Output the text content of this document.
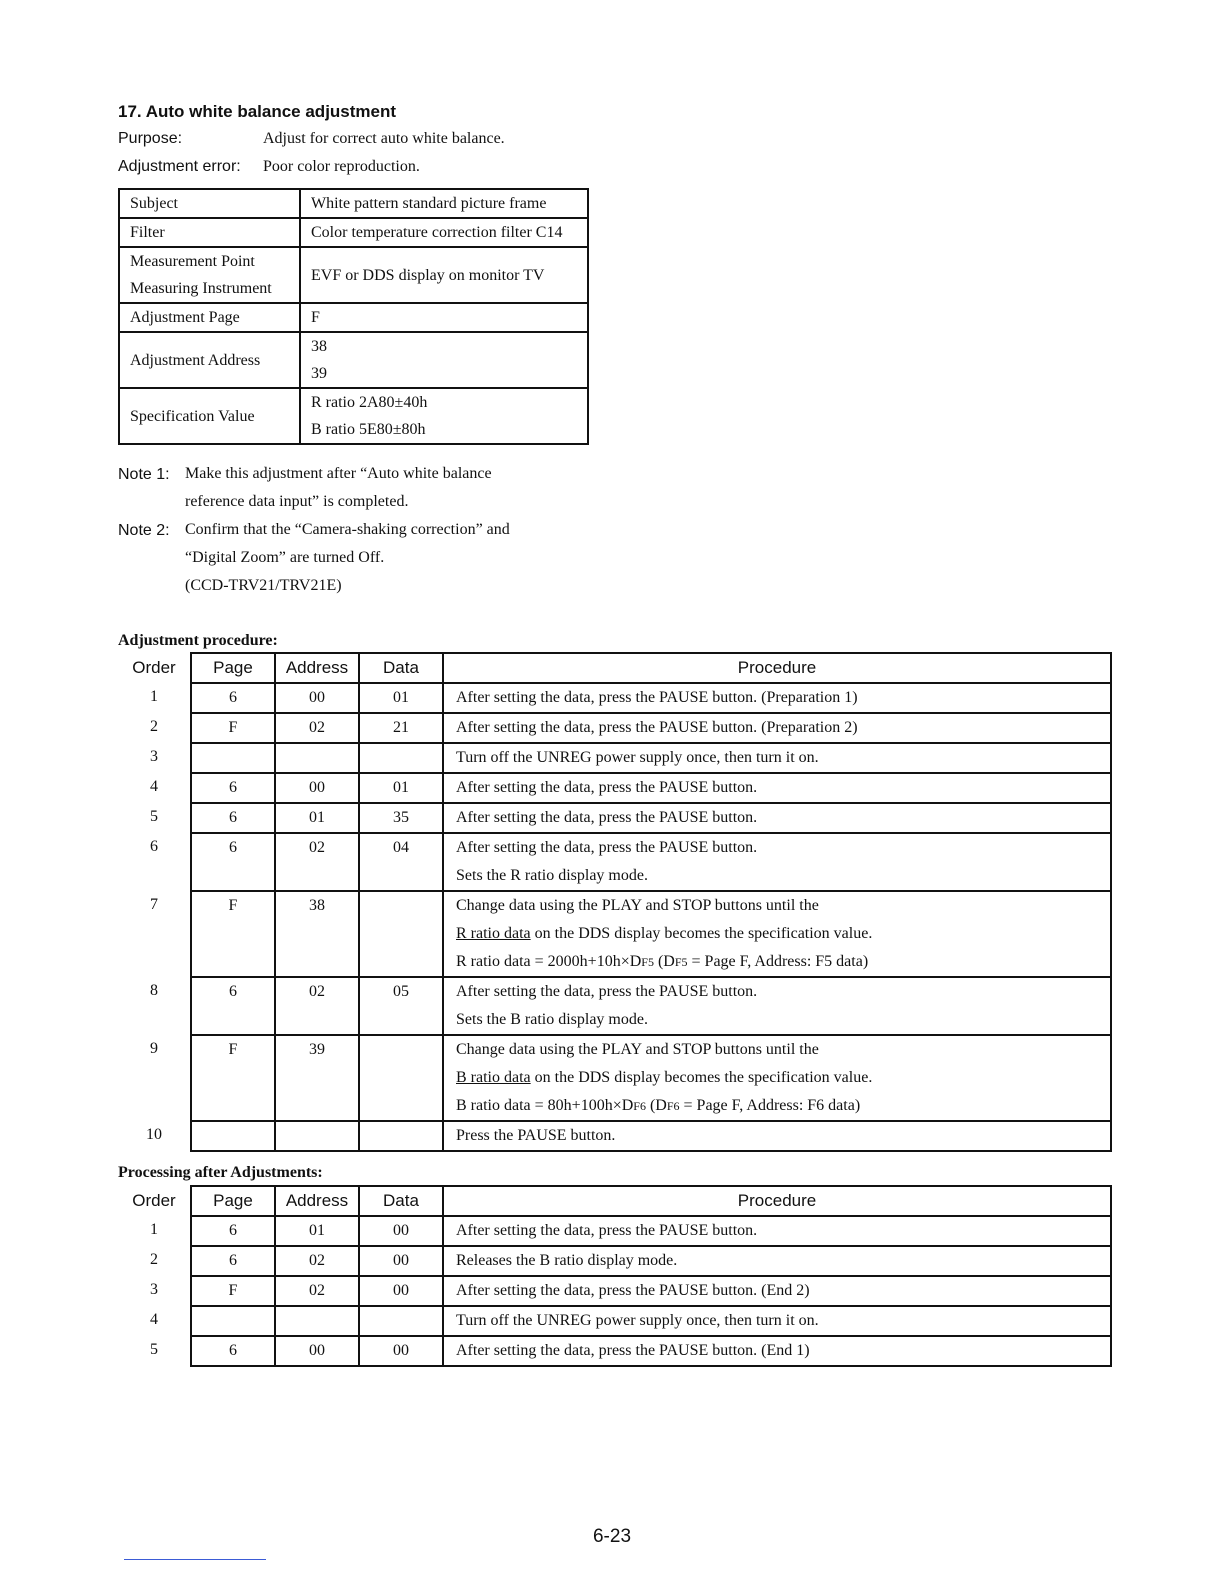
17. Auto white balance adjustment
Purpose:	Adjust for correct auto white balance.
Adjustment error: Poor color reproduction.
Subject	White pattern standard picture frame

Filter	Color temperature correction filter C14

Measurement Point
Measuring Instrument	EVF or DDS display on monitor TV

Adjustment Page	F

Adjustment Address	38
39

Specification Value	R ratio 2A80±40h
B ratio 5E80±80h
Note 1: Make this adjustment after “Auto white balance
reference data input” is completed.
Note 2: Confirm that the “Camera-shaking correction” and
“Digital Zoom” are turned Off.
(CCD-TRV21/TRV21E)
Adjustment procedure:
Order	Page	Address	Data	Procedure

1	6	00	01	After setting the data, press the PAUSE button. (Preparation 1)

2	F	02	21	After setting the data, press the PAUSE button. (Preparation 2)

3				Turn off the UNREG power supply once, then turn it on.

4	6	00	01	After setting the data, press the PAUSE button.

5	6	01	35	After setting the data, press the PAUSE button.

6	6	02	04	After setting the data, press the PAUSE button.
Sets the R ratio display mode.

7	F	38		Change data using the PLAY and STOP buttons until the
R ratio data on the DDS display becomes the specification value.
R ratio data = 2000h+10h×DF5 (DF5 = Page F, Address: F5 data)

8	6	02	05	After setting the data, press the PAUSE button.
Sets the B ratio display mode.

9	F	39		Change data using the PLAY and STOP buttons until the
B ratio data on the DDS display becomes the specification value.
B ratio data = 80h+100h×DF6 (DF6 = Page F, Address: F6 data)

10				Press the PAUSE button.
Processing after Adjustments:
Order	Page	Address	Data	Procedure

1	6	01	00	After setting the data, press the PAUSE button.

2	6	02	00	Releases the B ratio display mode.

3	F	02	00	After setting the data, press the PAUSE button. (End 2)

4				Turn off the UNREG power supply once, then turn it on.

5	6	00	00	After setting the data, press the PAUSE button. (End 1)
6-23
